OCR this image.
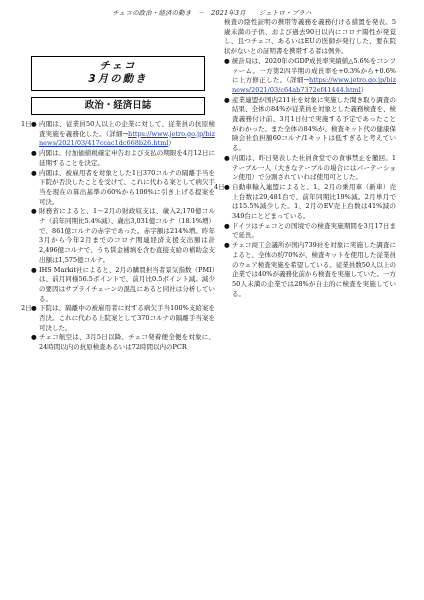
チェコの政治・経済の動き　－　2021年3月　　ジェトロ・プラハ
チェコ
3月の動き
政治・経済日誌
1日 ● 内閣は、従業員50人以上の企業に対して、従業員の抗原検査実施を義務化した。（詳細→https://www.jetro.go.jp/biznews/2021/03/417ccac1dc668b26.html）
● 内閣は、付加価値税確定申告および支払の期限を4月12日に延期することを決定。
● 内閣は、被雇用者を対象とした1日370コルナの隔離手当を下院が否決したことを受けて、これに代わる案として病欠手当を現在の算出基準の60%から100%に引き上げる提案を可決。
● 財務省によると、1～2月の財政収支は、歳入2,170億コルナ（前年同期比5.4%減）、歳出3,031億コルナ（18.1%増）で、861億コルナの赤字であった。赤字額は214%増。昨年3月から今年2月までのコロナ関連経済支援支出額は計2,496億コルナで、うち賃金補填を含む直接支給の補助金支出額は1,575億コルナ。
● IHS Markit社によると、2月の購買担当者景気指数（PMI）は、前月同様56.5ポイントで、前月比0.5ポイント減。減少の要因はサプライチェーンの混乱にあると同社は分析している。
2日 ● 下院は、隔離中の被雇用者に対する病欠手当100%支給案を否決。これに代わる上院案として370コルナの隔離手当案を可決した。
● チェコ航空は、3月5日以降、チェコ発着便全便を対象に、24時間以内の抗原検査あるいは72時間以内のPCR
検査の陰性証明の携帯等義務を義務付ける措置を発表。5歳未満の子供、および過去90日以内にコロナ陽性が発覚し、且つチェコ、あるいはEUの医師が発行した、要在院状がないとの証明書を携帯する者は例外。
● 統計局は、2020年のGDP成長率実績値△5.6%をコンファーム。一方第2四半期の成長率を+0.3%から+0.6%に上方修正した。（詳細→https://www.jetro.go.jp/biznews/2021/03/c64ab7372ef41444.html）
● 産業連盟が国内211社を対象に実施した聞き取り調査の結果、全体の84%が従業員を対象とした義務検査を、検査義務付け前、3月1日付で実施する予定であったことがわかった。また全体の84%が、検査キット代の健康保険会社負担額60コルナ/1キットは低すぎると考えている。
● 内閣は、昨日発表した社員食堂での食事禁止を撤回。1テーブル一人（大きなテーブルの場合にはパーテーション使用）で分割されていれば使用可とした。
4日 ● 自動車輸入連盟によると、1、2月の乗用車（新車）売上台数は29,481台で、前年同期比19%減。2月単月では15.5%減少した。1、2月のEV売上台数は41%減の349台にとどまっている。
● ドイツはチェコとの国境での検査実施期間を3月17日まで延長。
● チェコ商工会議所が国内739社を対象に実施した調査によると、全体の約70%が、検査キットを使用した従業員のウェア検査実施を希望している。従業員数50人以上の企業では40%が義務化前から検査を実施していた。一方50人未満の企業では28%が自主的に検査を実施している。
